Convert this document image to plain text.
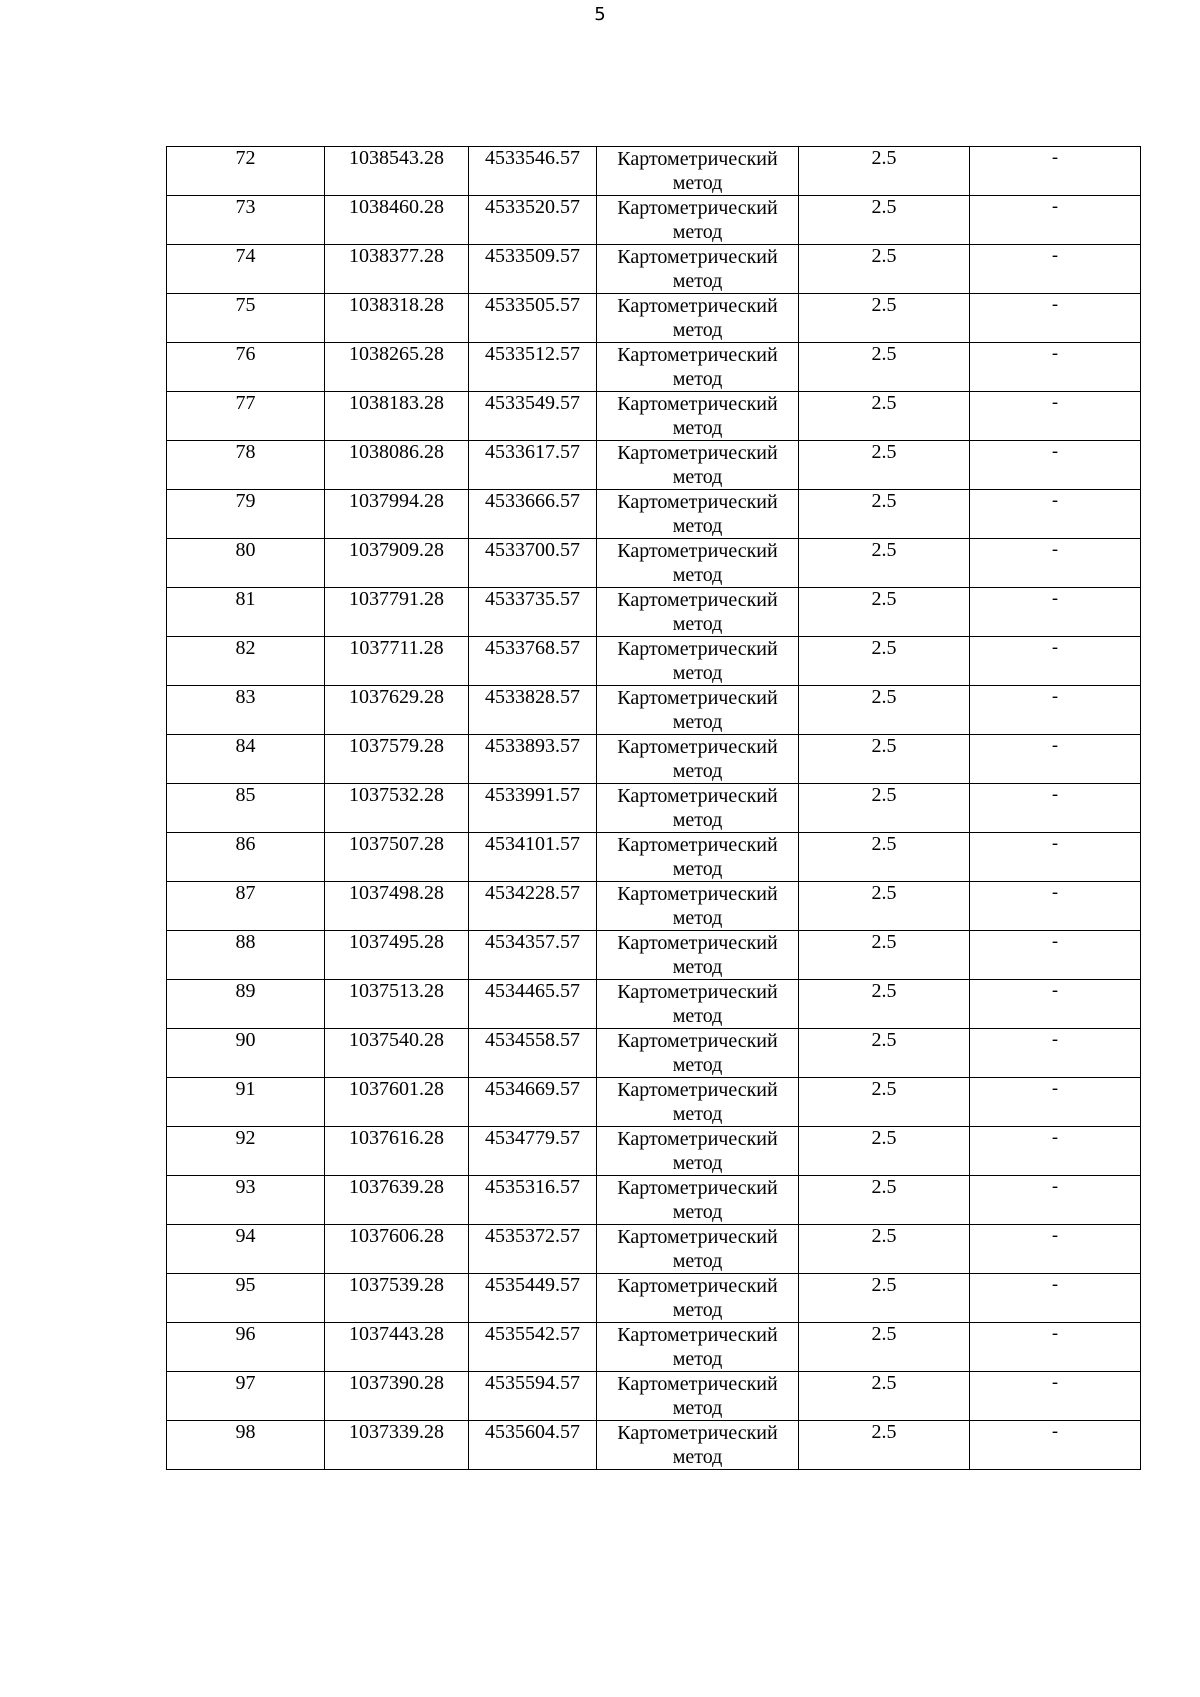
5
72	1038543.28	4533546.57	Картометрический
метод	2.5	-
73	1038460.28	4533520.57	Картометрический
метод	2.5	-
74	1038377.28	4533509.57	Картометрический
метод	2.5	-
75	1038318.28	4533505.57	Картометрический
метод	2.5	-
76	1038265.28	4533512.57	Картометрический
метод	2.5	-
77	1038183.28	4533549.57	Картометрический
метод	2.5	-
78	1038086.28	4533617.57	Картометрический
метод	2.5	-
79	1037994.28	4533666.57	Картометрический
метод	2.5	-
80	1037909.28	4533700.57	Картометрический
метод	2.5	-
81	1037791.28	4533735.57	Картометрический
метод	2.5	-
82	1037711.28	4533768.57	Картометрический
метод	2.5	-
83	1037629.28	4533828.57	Картометрический
метод	2.5	-
84	1037579.28	4533893.57	Картометрический
метод	2.5	-
85	1037532.28	4533991.57	Картометрический
метод	2.5	-
86	1037507.28	4534101.57	Картометрический
метод	2.5	-
87	1037498.28	4534228.57	Картометрический
метод	2.5	-
88	1037495.28	4534357.57	Картометрический
метод	2.5	-
89	1037513.28	4534465.57	Картометрический
метод	2.5	-
90	1037540.28	4534558.57	Картометрический
метод	2.5	-
91	1037601.28	4534669.57	Картометрический
метод	2.5	-
92	1037616.28	4534779.57	Картометрический
метод	2.5	-
93	1037639.28	4535316.57	Картометрический
метод	2.5	-
94	1037606.28	4535372.57	Картометрический
метод	2.5	-
95	1037539.28	4535449.57	Картометрический
метод	2.5	-
96	1037443.28	4535542.57	Картометрический
метод	2.5	-
97	1037390.28	4535594.57	Картометрический
метод	2.5	-
98	1037339.28	4535604.57	Картометрический
метод	2.5	-
